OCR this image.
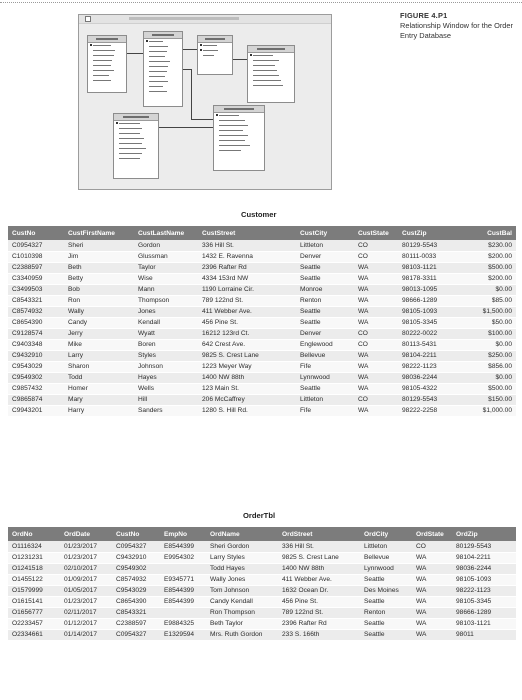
FIGURE 4.P1
Relationship Window for the Order Entry Database
Customer
CustNo	CustFirstName	CustLastName	CustStreet	CustCity	CustState	CustZip	CustBal
C0954327	Sheri	Gordon	336 Hill St.	Littleton	CO	80129-5543	$230.00
C1010398	Jim	Glussman	1432 E. Ravenna	Denver	CO	80111-0033	$200.00
C2388597	Beth	Taylor	2396 Rafter Rd	Seattle	WA	98103-1121	$500.00
C3340959	Betty	Wise	4334 153rd NW	Seattle	WA	98178-3311	$200.00
C3499503	Bob	Mann	1190 Lorraine Cir.	Monroe	WA	98013-1095	$0.00
C8543321	Ron	Thompson	789 122nd St.	Renton	WA	98666-1289	$85.00
C8574932	Wally	Jones	411 Webber Ave.	Seattle	WA	98105-1093	$1,500.00
C8654390	Candy	Kendall	456 Pine St.	Seattle	WA	98105-3345	$50.00
C9128574	Jerry	Wyatt	16212 123rd Ct.	Denver	CO	80222-0022	$100.00
C9403348	Mike	Boren	642 Crest Ave.	Englewood	CO	80113-5431	$0.00
C9432910	Larry	Styles	9825 S. Crest Lane	Bellevue	WA	98104-2211	$250.00
C9543029	Sharon	Johnson	1223 Meyer Way	Fife	WA	98222-1123	$856.00
C9549302	Todd	Hayes	1400 NW 88th	Lynnwood	WA	98036-2244	$0.00
C9857432	Homer	Wells	123 Main St.	Seattle	WA	98105-4322	$500.00
C9865874	Mary	Hill	206 McCaffrey	Littleton	CO	80129-5543	$150.00
C9943201	Harry	Sanders	1280 S. Hill Rd.	Fife	WA	98222-2258	$1,000.00
OrderTbl
OrdNo	OrdDate	CustNo	EmpNo	OrdName	OrdStreet	OrdCity	OrdState	OrdZip
O1116324	01/23/2017	C0954327	E8544399	Sheri Gordon	336 Hill St.	Littleton	CO	80129-5543
O1231231	01/23/2017	C9432910	E9954302	Larry Styles	9825 S. Crest Lane	Bellevue	WA	98104-2211
O1241518	02/10/2017	C9549302		Todd Hayes	1400 NW 88th	Lynnwood	WA	98036-2244
O1455122	01/09/2017	C8574932	E9345771	Wally Jones	411 Webber Ave.	Seattle	WA	98105-1093
O1579999	01/05/2017	C9543029	E8544399	Tom Johnson	1632 Ocean Dr.	Des Moines	WA	98222-1123
O1615141	01/23/2017	C8654390	E8544399	Candy Kendall	456 Pine St.	Seattle	WA	98105-3345
O1656777	02/11/2017	C8543321		Ron Thompson	789 122nd St.	Renton	WA	98666-1289
O2233457	01/12/2017	C2388597	E9884325	Beth Taylor	2396 Rafter Rd	Seattle	WA	98103-1121
O2334661	01/14/2017	C0954327	E1329594	Mrs. Ruth Gordon	233 S. 166th	Seattle	WA	98011
